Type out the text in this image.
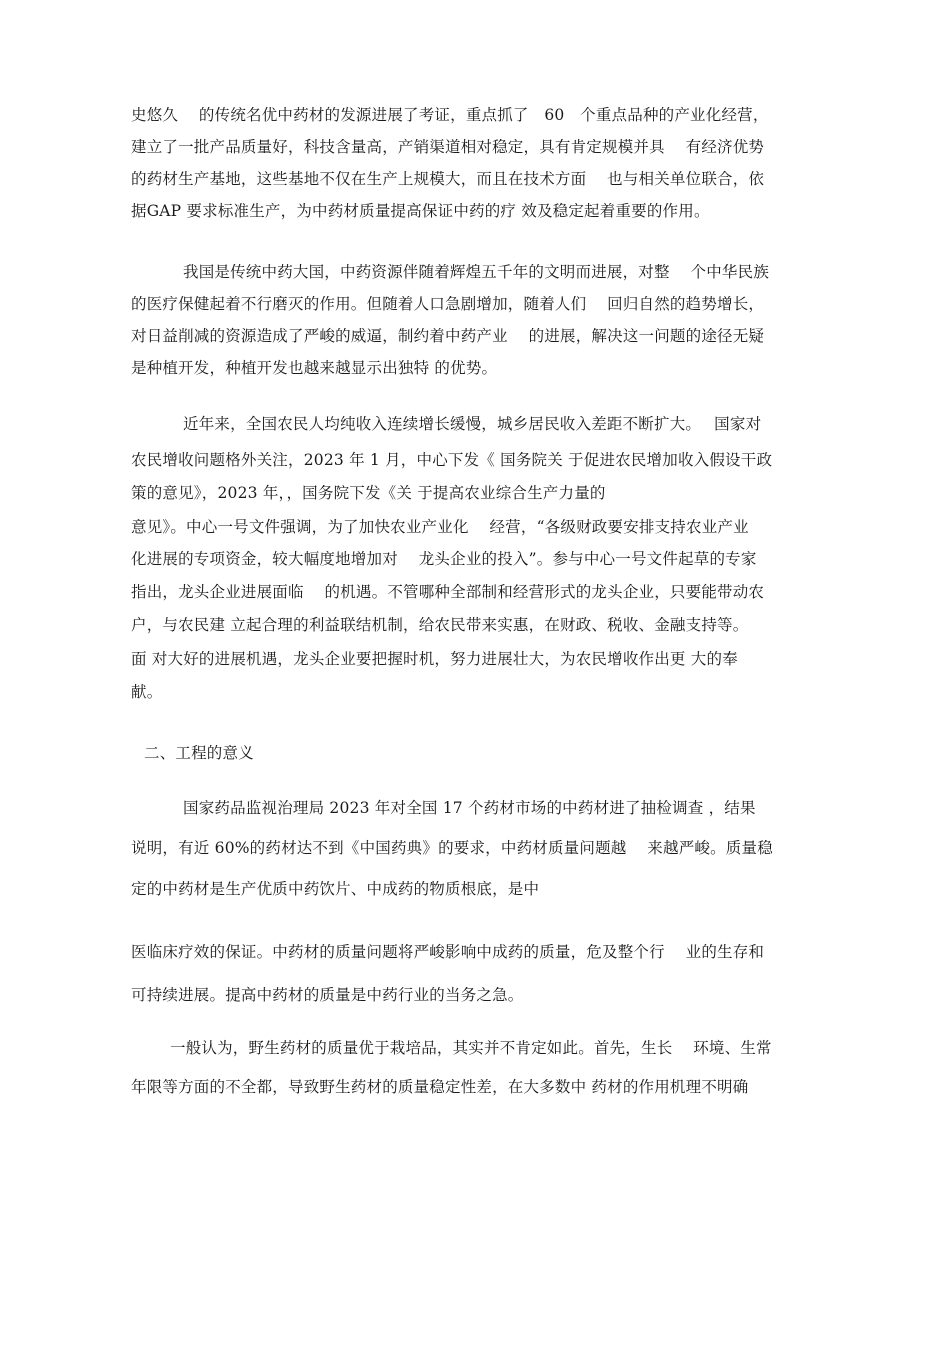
史悠久　 的传统名优中药材的发源进展了考证，重点抓了　60　个重点品种的产业化经营，
建立了一批产品质量好，科技含量高，产销渠道相对稳定，具有肯定规模并具　 有经济优势
的药材生产基地，这些基地不仅在生产上规模大，而且在技术方面　 也与相关单位联合，依
据GAP 要求标准生产，为中药材质量提高保证中药的疗 效及稳定起着重要的作用。
我国是传统中药大国，中药资源伴随着辉煌五千年的文明而进展，对整　 个中华民族
的医疗保健起着不行磨灭的作用。但随着人口急剧增加，随着人们　 回归自然的趋势增长，
对日益削减的资源造成了严峻的威逼，制约着中药产业　 的进展，解决这一问题的途径无疑
是种植开发，种植开发也越来越显示出独特 的优势。
近年来，全国农民人均纯收入连续增长缓慢，城乡居民收入差距不断扩大。　 国家对
农民增收问题格外关注，2023 年 1 月，中心下发《 国务院关 于促进农民增加收入假设干政
策的意见》，2023 年，，国务院下发《关 于提高农业综合生产力量的
意见》。中心一号文件强调，为了加快农业产业化　 经营，“各级财政要安排支持农业产业
化进展的专项资金，较大幅度地增加对　 龙头企业的投入”。参与中心一号文件起草的专家
指出，龙头企业进展面临　 的机遇。不管哪种全部制和经营形式的龙头企业，只要能带动农
户，与农民建 立起合理的利益联结机制，给农民带来实惠，在财政、税收、金融支持等。
面 对大好的进展机遇，龙头企业要把握时机，努力进展壮大，为农民增收作出更 大的奉
献。
二、工程的意义
国家药品监视治理局 2023 年对全国 17 个药材市场的中药材进了抽检调查 ，结果
说明，有近 60%的药材达不到《中国药典》的要求，中药材质量问题越　 来越严峻。质量稳
定的中药材是生产优质中药饮片、中成药的物质根底，是中
医临床疗效的保证。中药材的质量问题将严峻影响中成药的质量，危及整个行　 业的生存和
可持续进展。提高中药材的质量是中药行业的当务之急。
一般认为，野生药材的质量优于栽培品，其实并不肯定如此。首先，生长　 环境、生常
年限等方面的不全都，导致野生药材的质量稳定性差，在大多数中 药材的作用机理不明确
